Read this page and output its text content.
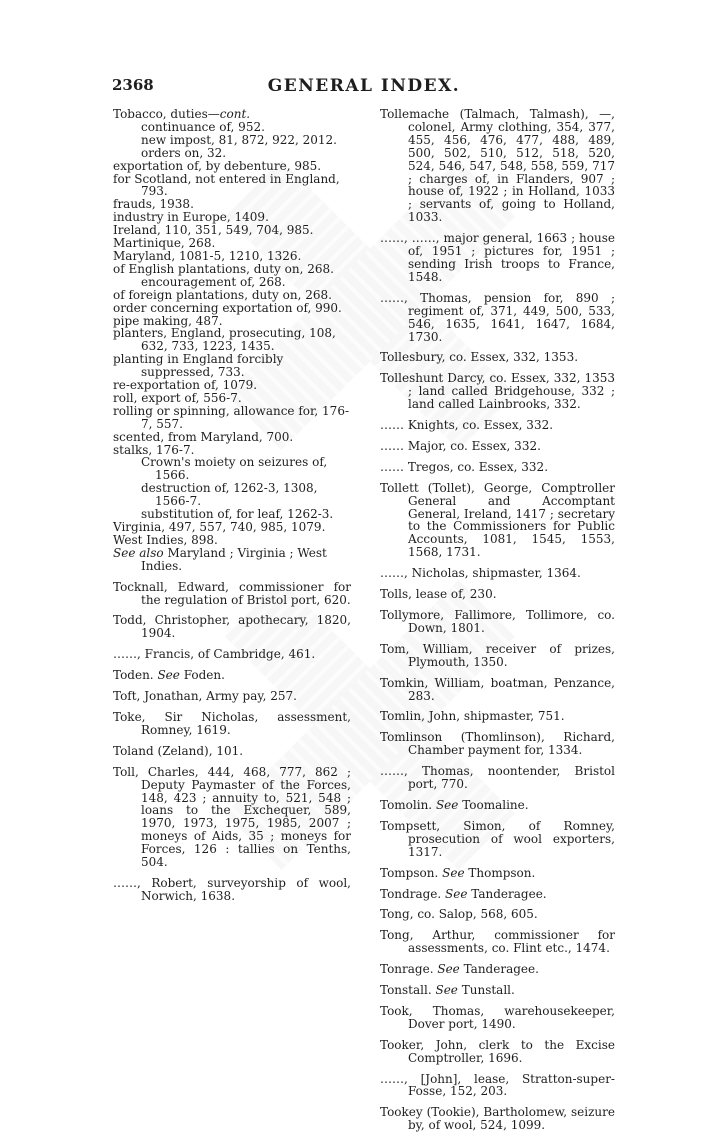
2368	GENERAL INDEX.
Tobacco, duties—cont.
continuance of, 952.
new impost, 81, 872, 922, 2012.
orders on, 32.
exportation of, by debenture, 985.
for Scotland, not entered in England, 793.
frauds, 1938.
industry in Europe, 1409.
Ireland, 110, 351, 549, 704, 985.
Martinique, 268.
Maryland, 1081-5, 1210, 1326.
of English plantations, duty on, 268.
encouragement of, 268.
of foreign plantations, duty on, 268.
order concerning exportation of, 990.
pipe making, 487.
planters, England, prosecuting, 108, 632, 733, 1223, 1435.
planting in England forcibly suppressed, 733.
re-exportation of, 1079.
roll, export of, 556-7.
rolling or spinning, allowance for, 176-7, 557.
scented, from Maryland, 700.
stalks, 176-7.
Crown's moiety on seizures of, 1566.
destruction of, 1262-3, 1308, 1566-7.
substitution of, for leaf, 1262-3.
Virginia, 497, 557, 740, 985, 1079.
West Indies, 898.
See also Maryland ; Virginia ; West Indies.
Tocknall, Edward, commissioner for the regulation of Bristol port, 620.
Todd, Christopher, apothecary, 1820, 1904.
……, Francis, of Cambridge, 461.
Toden. See Foden.
Toft, Jonathan, Army pay, 257.
Toke, Sir Nicholas, assessment, Romney, 1619.
Toland (Zeland), 101.
Toll, Charles, 444, 468, 777, 862 ; Deputy Paymaster of the Forces, 148, 423 ; annuity to, 521, 548 ; loans to the Exchequer, 589, 1970, 1973, 1975, 1985, 2007 ; moneys of Aids, 35 ; moneys for Forces, 126 : tallies on Tenths, 504.
……, Robert, surveyorship of wool, Norwich, 1638.
Tollemache (Talmach, Talmash), —, colonel, Army clothing, 354, 377, 455, 456, 476, 477, 488, 489, 500, 502, 510, 512, 518, 520, 524, 546, 547, 548, 558, 559, 717 ; charges of, in Flanders, 907 ; house of, 1922 ; in Holland, 1033 ; servants of, going to Holland, 1033.
……, ……, major general, 1663 ; house of, 1951 ; pictures for, 1951 ; sending Irish troops to France, 1548.
……, Thomas, pension for, 890 ; regiment of, 371, 449, 500, 533, 546, 1635, 1641, 1647, 1684, 1730.
Tollesbury, co. Essex, 332, 1353.
Tolleshunt Darcy, co. Essex, 332, 1353 ; land called Bridgehouse, 332 ; land called Lainbrooks, 332.
…… Knights, co. Essex, 332.
…… Major, co. Essex, 332.
…… Tregos, co. Essex, 332.
Tollett (Tollet), George, Comptroller General and Accomptant General, Ireland, 1417 ; secretary to the Commissioners for Public Accounts, 1081, 1545, 1553, 1568, 1731.
……, Nicholas, shipmaster, 1364.
Tolls, lease of, 230.
Tollymore, Fallimore, Tollimore, co. Down, 1801.
Tom, William, receiver of prizes, Plymouth, 1350.
Tomkin, William, boatman, Penzance, 283.
Tomlin, John, shipmaster, 751.
Tomlinson (Thomlinson), Richard, Chamber payment for, 1334.
……, Thomas, noontender, Bristol port, 770.
Tomolin. See Toomaline.
Tompsett, Simon, of Romney, prosecution of wool exporters, 1317.
Tompson. See Thompson.
Tondrage. See Tanderagee.
Tong, co. Salop, 568, 605.
Tong, Arthur, commissioner for assessments, co. Flint etc., 1474.
Tonrage. See Tanderagee.
Tonstall. See Tunstall.
Took, Thomas, warehousekeeper, Dover port, 1490.
Tooker, John, clerk to the Excise Comptroller, 1696.
……, [John], lease, Stratton-super-Fosse, 152, 203.
Tookey (Tookie), Bartholomew, seizure by, of wool, 524, 1099.
